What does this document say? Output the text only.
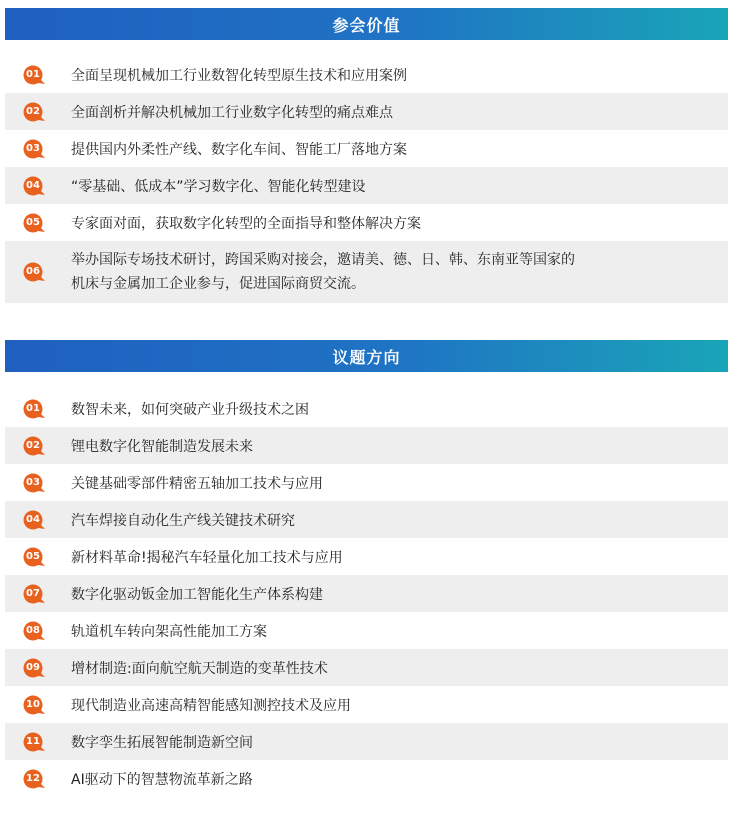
参会价值
01 全面呈现机械加工行业数智化转型原生技术和应用案例
02 全面剖析并解决机械加工行业数字化转型的痛点难点
03 提供国内外柔性产线、数字化车间、智能工厂落地方案
04 “零基础、低成本”学习数字化、智能化转型建设
05 专家面对面，获取数字化转型的全面指导和整体解决方案
06
举办国际专场技术研讨，跨国采购对接会，邀请美、德、日、韩、东南亚等国家的
机床与金属加工企业参与，促进国际商贸交流。
议题方向
01 数智未来，如何突破产业升级技术之困
02 锂电数字化智能制造发展未来
03 关键基础零部件精密五轴加工技术与应用
04 汽车焊接自动化生产线关键技术研究
05 新材料革命!揭秘汽车轻量化加工技术与应用
07 数字化驱动钣金加工智能化生产体系构建
08 轨道机车转向架高性能加工方案
09 增材制造:面向航空航天制造的变革性技术
10 现代制造业高速高精智能感知测控技术及应用
11 数字孪生拓展智能制造新空间
12 AI驱动下的智慧物流革新之路
